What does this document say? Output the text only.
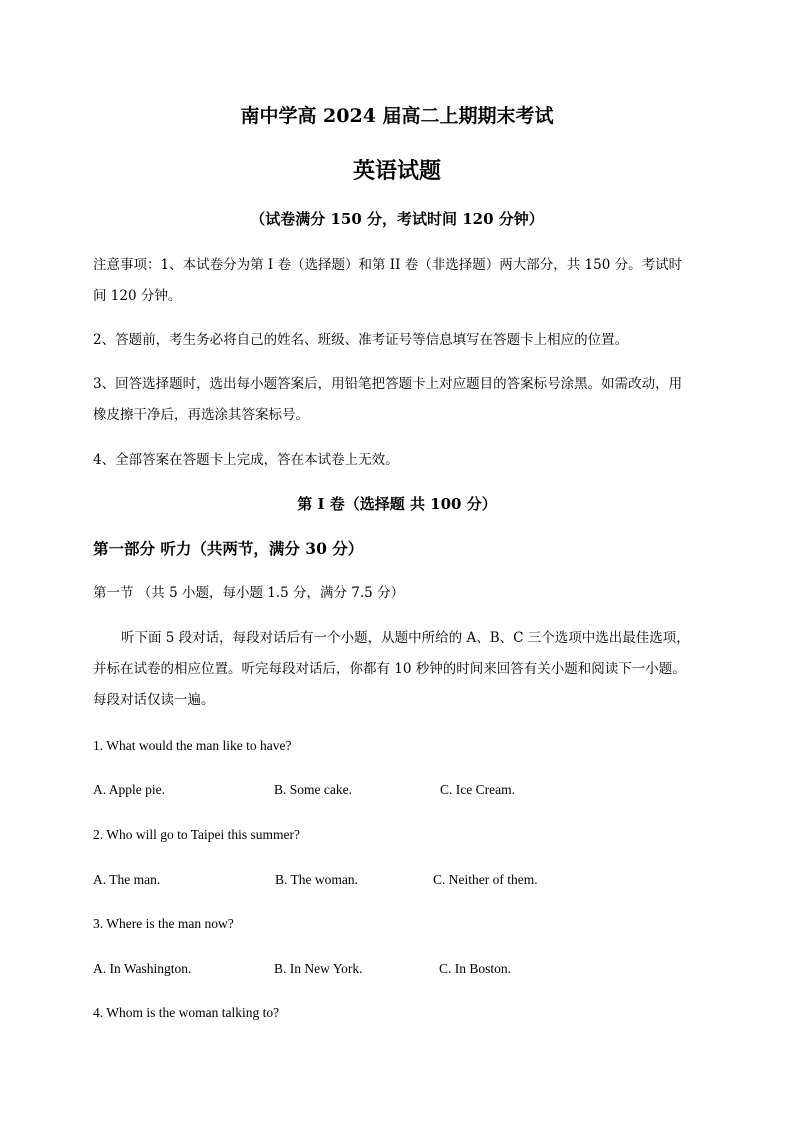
南中学高 2024 届高二上期期末考试
英语试题
（试卷满分 150 分，考试时间 120 分钟）
注意事项：1、本试卷分为第 I 卷（选择题）和第 II 卷（非选择题）两大部分，共 150 分。考试时
间 120 分钟。
2、答题前，考生务必将自己的姓名、班级、准考证号等信息填写在答题卡上相应的位置。
3、回答选择题时，选出每小题答案后，用铅笔把答题卡上对应题目的答案标号涂黑。如需改动，用
橡皮擦干净后，再选涂其答案标号。
4、全部答案在答题卡上完成，答在本试卷上无效。
第 I 卷（选择题 共 100 分）
第一部分 听力（共两节，满分 30 分）
第一节 （共 5 小题，每小题 1.5 分，满分 7.5 分）
听下面 5 段对话，每段对话后有一个小题，从题中所给的 A、B、C 三个选项中选出最佳选项，
并标在试卷的相应位置。听完每段对话后，你都有 10 秒钟的时间来回答有关小题和阅读下一小题。
每段对话仅读一遍。
1. What would the man like to have?
A. Apple pie.	B. Some cake.	C. Ice Cream.
2. Who will go to Taipei this summer?
A. The man.	B. The woman.	C. Neither of them.
3. Where is the man now?
A. In Washington.	B. In New York.	C. In Boston.
4. Whom is the woman talking to?
